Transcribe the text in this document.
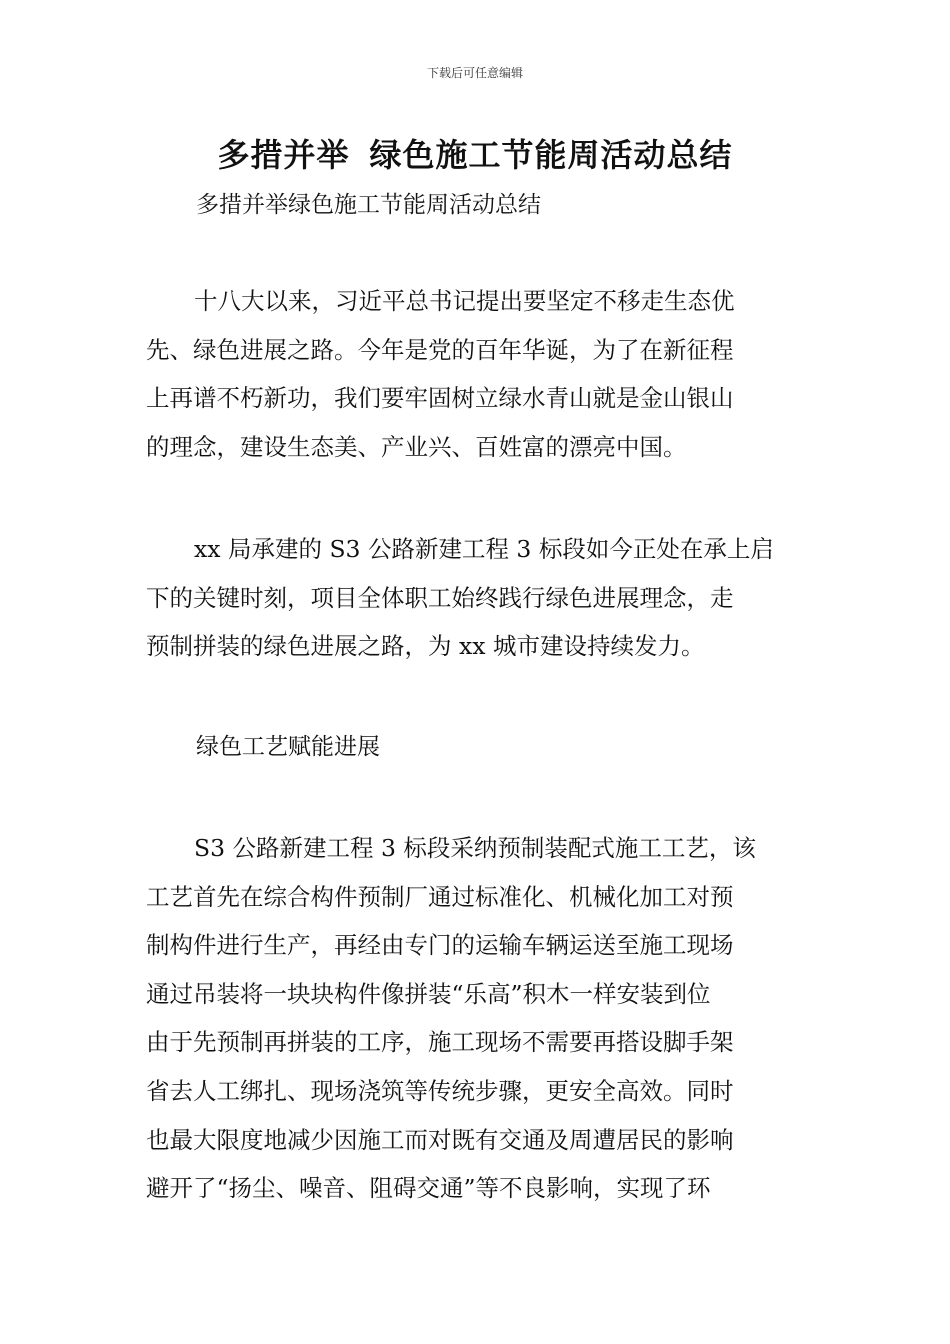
下载后可任意编辑
多措并举 绿色施工节能周活动总结
多措并举绿色施工节能周活动总结
十八大以来，习近平总书记提出要坚定不移走生态优
先、绿色进展之路。今年是党的百年华诞，为了在新征程
上再谱不朽新功，我们要牢固树立绿水青山就是金山银山
的理念，建设生态美、产业兴、百姓富的漂亮中国。
xx 局承建的 S3 公路新建工程 3 标段如今正处在承上启
下的关键时刻，项目全体职工始终践行绿色进展理念，走
预制拼装的绿色进展之路，为 xx 城市建设持续发力。
绿色工艺赋能进展
S3 公路新建工程 3 标段采纳预制装配式施工工艺，该
工艺首先在综合构件预制厂通过标准化、机械化加工对预
制构件进行生产，再经由专门的运输车辆运送至施工现场
通过吊装将一块块构件像拼装“乐高”积木一样安装到位
由于先预制再拼装的工序，施工现场不需要再搭设脚手架
省去人工绑扎、现场浇筑等传统步骤，更安全高效。同时
也最大限度地减少因施工而对既有交通及周遭居民的影响
避开了“扬尘、噪音、阻碍交通”等不良影响，实现了环
